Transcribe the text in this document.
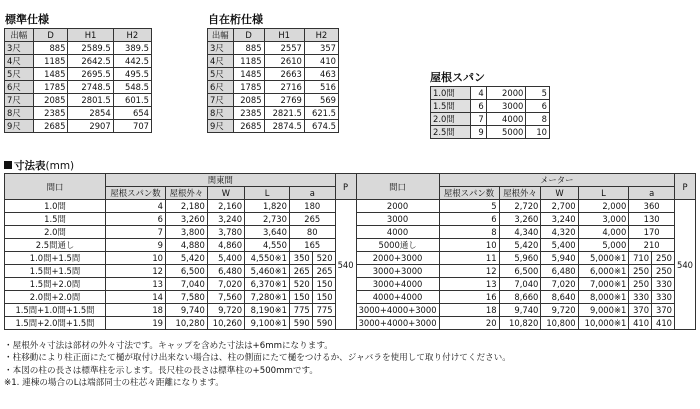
標準仕様
出幅	D	H1	H2
3尺	885	2589.5	389.5
4尺	1185	2642.5	442.5
5尺	1485	2695.5	495.5
6尺	1785	2748.5	548.5
7尺	2085	2801.5	601.5
8尺	2385	2854	654
9尺	2685	2907	707
自在桁仕様
出幅	D	H1	H2
3尺	885	2557	357
4尺	1185	2610	410
5尺	1485	2663	463
6尺	1785	2716	516
7尺	2085	2769	569
8尺	2385	2821.5	621.5
9尺	2685	2874.5	674.5
屋根スパン
1.0間	4	2000	5
1.5間	6	3000	6
2.0間	7	4000	8
2.5間	9	5000	10
寸法表(mm)
間口	関東間						P	間口	メーター						P
	屋根スパン数	屋根外々	W	L	a				屋根スパン数	屋根外々	W	L	a		
1.0間	4	2,180	2,160	1,820	180		540	2000	5	2,720	2,700	2,000	360		540
1.5間	6	3,260	3,240	2,730	265			3000	6	3,260	3,240	3,000	130		
2.0間	7	3,800	3,780	3,640	80			4000	8	4,340	4,320	4,000	170		
2.5間通し	9	4,880	4,860	4,550	165			5000通し	10	5,420	5,400	5,000	210		
1.0間+1.5間	10	5,420	5,400	4,550※1	350	520		2000+3000	11	5,960	5,940	5,000※1	710	250	
1.5間+1.5間	12	6,500	6,480	5,460※1	265	265		3000+3000	12	6,500	6,480	6,000※1	250	250	
1.5間+2.0間	13	7,040	7,020	6,370※1	520	150		3000+4000	13	7,040	7,020	7,000※1	250	330	
2.0間+2.0間	14	7,580	7,560	7,280※1	150	150		4000+4000	16	8,660	8,640	8,000※1	330	330	
1.5間+1.0間+1.5間	18	9,740	9,720	8,190※1	775	775		3000+4000+3000	18	9,740	9,720	9,000※1	370	370	
1.5間+2.0間+1.5間	19	10,280	10,260	9,100※1	590	590		3000+4000+3000	20	10,820	10,800	10,000※1	410	410	
・屋根外々寸法は部材の外々寸法です。キャップを含めた寸法は+6mmになります。
・柱移動により柱正面にたて樋が取付け出来ない場合は、柱の側面にたて樋をつけるか、ジャバラを使用して取り付けてください。
・本図の柱の長さは標準柱を示します。長尺柱の長さは標準柱の+500mmです。
※1. 連棟の場合のLは端部同士の柱芯々距離になります。
